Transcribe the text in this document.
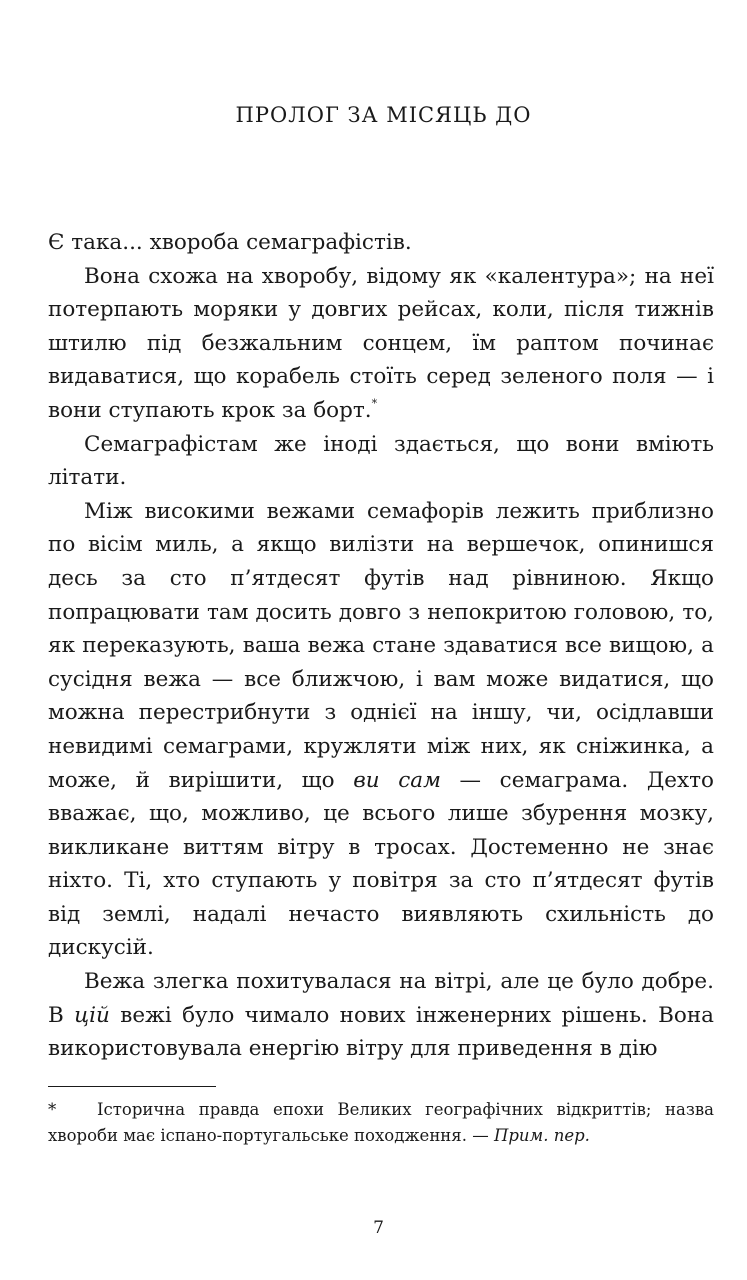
ПРОЛОГ ЗА МІСЯЦЬ ДО

Є така... хвороба семаграфістів.

Вона схожа на хворобу, відому як «калентура»; на неї потерпають моряки у довгих рейсах, коли, після тижнів штилю під безжальним сонцем, їм раптом починає видаватися, що корабель стоїть серед зеленого поля — і вони ступають крок за борт.*

Семаграфістам же іноді здається, що вони вміють літати.

Між високими вежами семафорів лежить приблизно по вісім миль, а якщо вилізти на вершечок, опинишся десь за сто п’ятдесят футів над рівниною. Якщо попрацювати там досить довго з непокритою головою, то, як переказують, ваша вежа стане здаватися все вищою, а сусідня вежа — все ближчою, і вам може видатися, що можна перестрибнути з однієї на іншу, чи, осідлавши невидимі семаграми, кружляти між них, як сніжинка, а може, й вирішити, що ви сам — семаграма. Дехто вважає, що, можливо, це всього лише збурення мозку, викликане виттям вітру в тросах. Достеменно не знає ніхто. Ті, хто ступають у повітря за сто п’ятдесят футів від землі, надалі нечасто виявляють схильність до дискусій.

Вежа злегка похитувалася на вітрі, але це було добре. В цій вежі було чимало нових інженерних рішень. Вона використовувала енергію вітру для приведення в дію

* Історична правда епохи Великих географічних відкриттів; назва хвороби має іспано-португальське походження. — Прим. пер.
7
